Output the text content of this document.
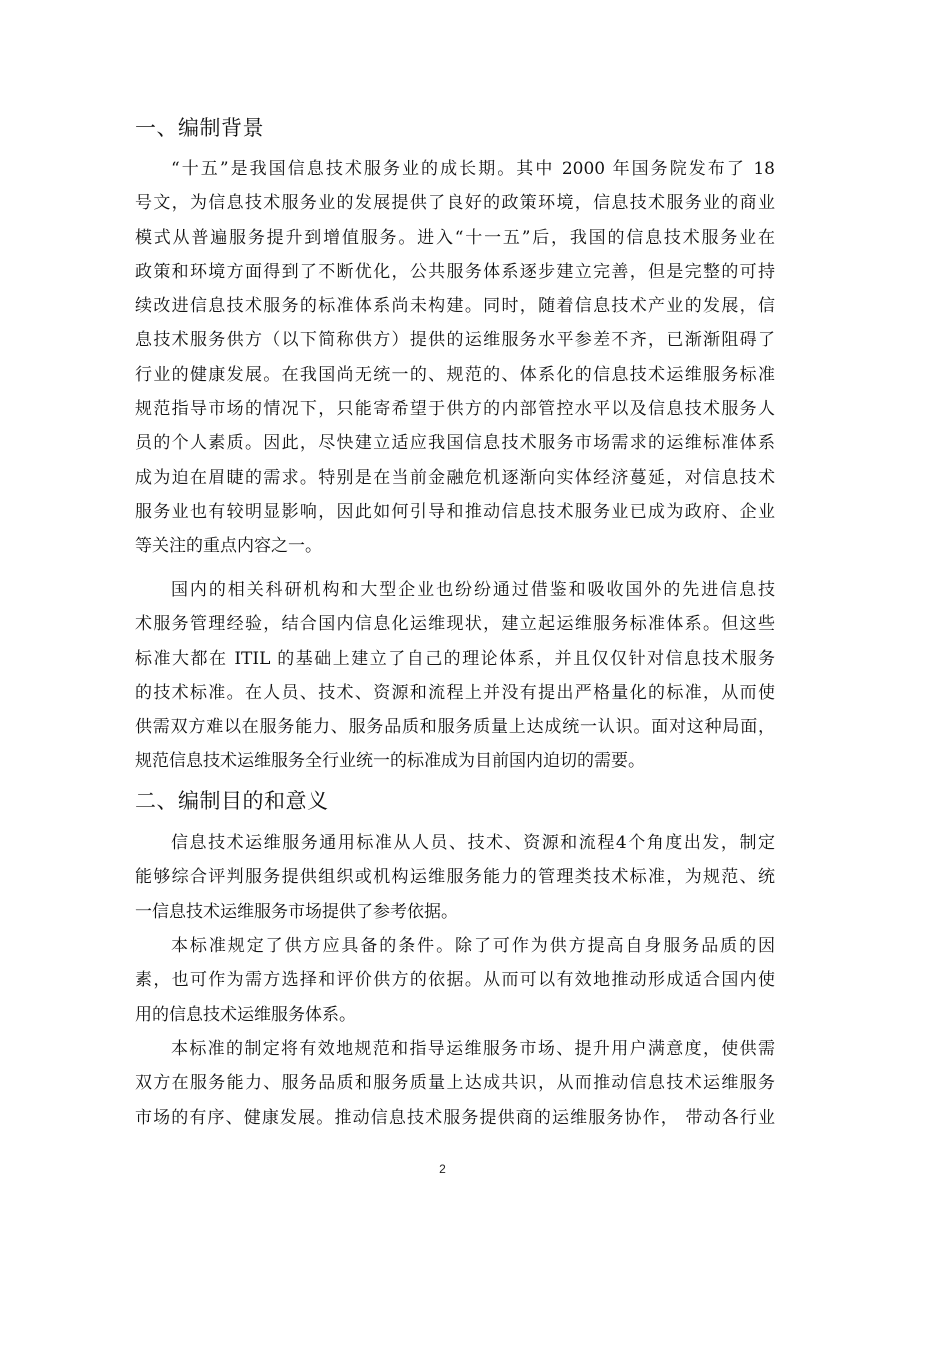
一、编制背景
“十五”是我国信息技术服务业的成长期。其中 2000 年国务院发布了 18
号文，为信息技术服务业的发展提供了良好的政策环境，信息技术服务业的商业
模式从普遍服务提升到增值服务。进入“十一五”后，我国的信息技术服务业在
政策和环境方面得到了不断优化，公共服务体系逐步建立完善，但是完整的可持
续改进信息技术服务的标准体系尚未构建。同时，随着信息技术产业的发展，信
息技术服务供方（以下简称供方）提供的运维服务水平参差不齐，已渐渐阻碍了
行业的健康发展。在我国尚无统一的、规范的、体系化的信息技术运维服务标准
规范指导市场的情况下，只能寄希望于供方的内部管控水平以及信息技术服务人
员的个人素质。因此，尽快建立适应我国信息技术服务市场需求的运维标准体系
成为迫在眉睫的需求。特别是在当前金融危机逐渐向实体经济蔓延，对信息技术
服务业也有较明显影响，因此如何引导和推动信息技术服务业已成为政府、企业
等关注的重点内容之一。
国内的相关科研机构和大型企业也纷纷通过借鉴和吸收国外的先进信息技
术服务管理经验，结合国内信息化运维现状，建立起运维服务标准体系。但这些
标准大都在 ITIL 的基础上建立了自己的理论体系，并且仅仅针对信息技术服务
的技术标准。在人员、技术、资源和流程上并没有提出严格量化的标准，从而使
供需双方难以在服务能力、服务品质和服务质量上达成统一认识。面对这种局面，
规范信息技术运维服务全行业统一的标准成为目前国内迫切的需要。
二、编制目的和意义
信息技术运维服务通用标准从人员、技术、资源和流程4个角度出发，制定
能够综合评判服务提供组织或机构运维服务能力的管理类技术标准，为规范、统
一信息技术运维服务市场提供了参考依据。
本标准规定了供方应具备的条件。除了可作为供方提高自身服务品质的因
素，也可作为需方选择和评价供方的依据。从而可以有效地推动形成适合国内使
用的信息技术运维服务体系。
本标准的制定将有效地规范和指导运维服务市场、提升用户满意度，使供需
双方在服务能力、服务品质和服务质量上达成共识，从而推动信息技术运维服务
市场的有序、健康发展。推动信息技术服务提供商的运维服务协作， 带动各行业
2
